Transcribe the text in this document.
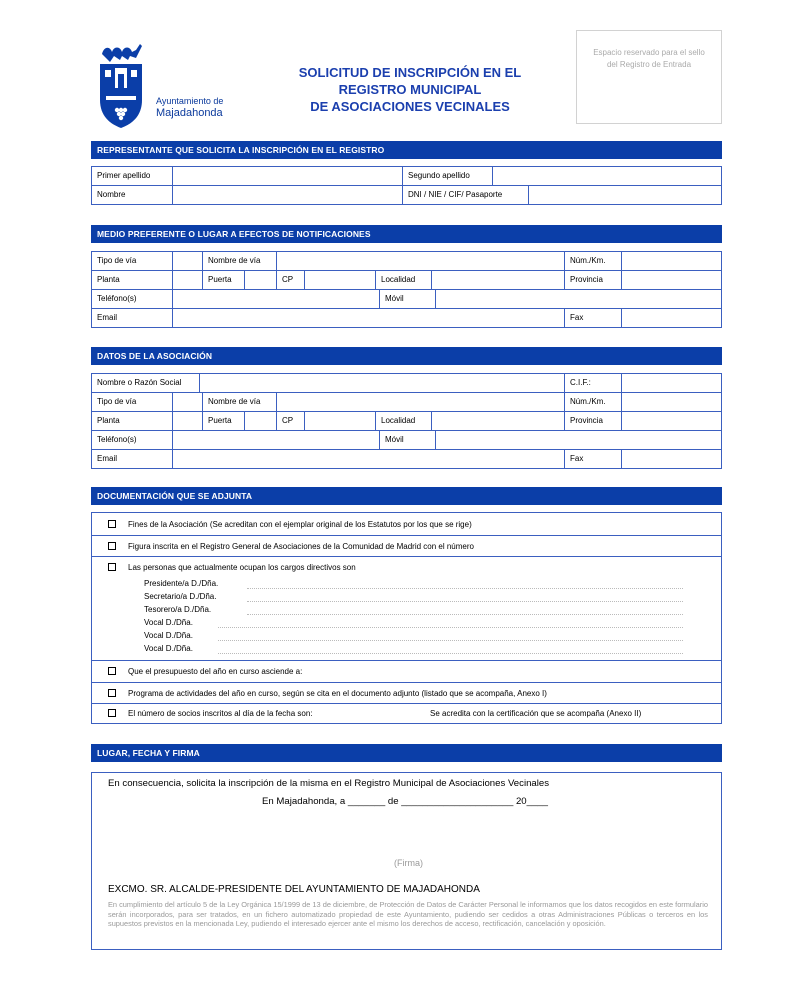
Ayuntamiento de
Majadahonda
SOLICITUD DE INSCRIPCIÓN EN EL
REGISTRO MUNICIPAL
DE ASOCIACIONES VECINALES
Espacio reservado para el sello
del Registro de Entrada
REPRESENTANTE QUE SOLICITA LA INSCRIPCIÓN EN EL REGISTRO
Primer apellido	Segundo apellido
Nombre	DNI / NIE / CIF/ Pasaporte
MEDIO PREFERENTE O LUGAR A EFECTOS DE NOTIFICACIONES
Tipo de vía	Nombre de vía	Núm./Km.
Planta	Puerta	CP	Localidad	Provincia
Teléfono(s)	Móvil
Email	Fax
DATOS DE LA ASOCIACIÓN
Nombre o Razón Social	C.I.F.:
Tipo de vía	Nombre de vía	Núm./Km.
Planta	Puerta	CP	Localidad	Provincia
Teléfono(s)	Móvil
Email	Fax
DOCUMENTACIÓN QUE SE ADJUNTA
Fines de la Asociación (Se acreditan con el ejemplar original de los Estatutos por los que se rige)
Figura inscrita en el Registro General de Asociaciones de la Comunidad de Madrid con el número
Las personas que actualmente ocupan los cargos directivos son
Presidente/a D./Dña.
Secretario/a D./Dña.
Tesorero/a D./Dña.
Vocal D./Dña.
Vocal D./Dña.
Vocal D./Dña.
Que el presupuesto del año en curso asciende a:
Programa de actividades del año en curso, según se cita en el documento adjunto (listado que se acompaña, Anexo I)
El número de socios inscritos al día de la fecha son:	Se acredita con la certificación que se acompaña (Anexo II)
LUGAR, FECHA Y FIRMA
En consecuencia, solicita la inscripción de la misma en el Registro Municipal de Asociaciones Vecinales
En Majadahonda, a _______ de _____________________ 20____
(Firma)
EXCMO. SR. ALCALDE-PRESIDENTE DEL AYUNTAMIENTO DE MAJADAHONDA
En cumplimiento del artículo 5 de la Ley Orgánica 15/1999 de 13 de diciembre, de Protección de Datos de Carácter Personal le informamos que los datos recogidos en este formulario serán incorporados, para ser tratados, en un fichero automatizado propiedad de este Ayuntamiento, pudiendo ser cedidos a otras Administraciones Públicas o terceros en los supuestos previstos en la mencionada Ley, pudiendo el interesado ejercer ante el mismo los derechos de acceso, rectificación, cancelación y oposición.
